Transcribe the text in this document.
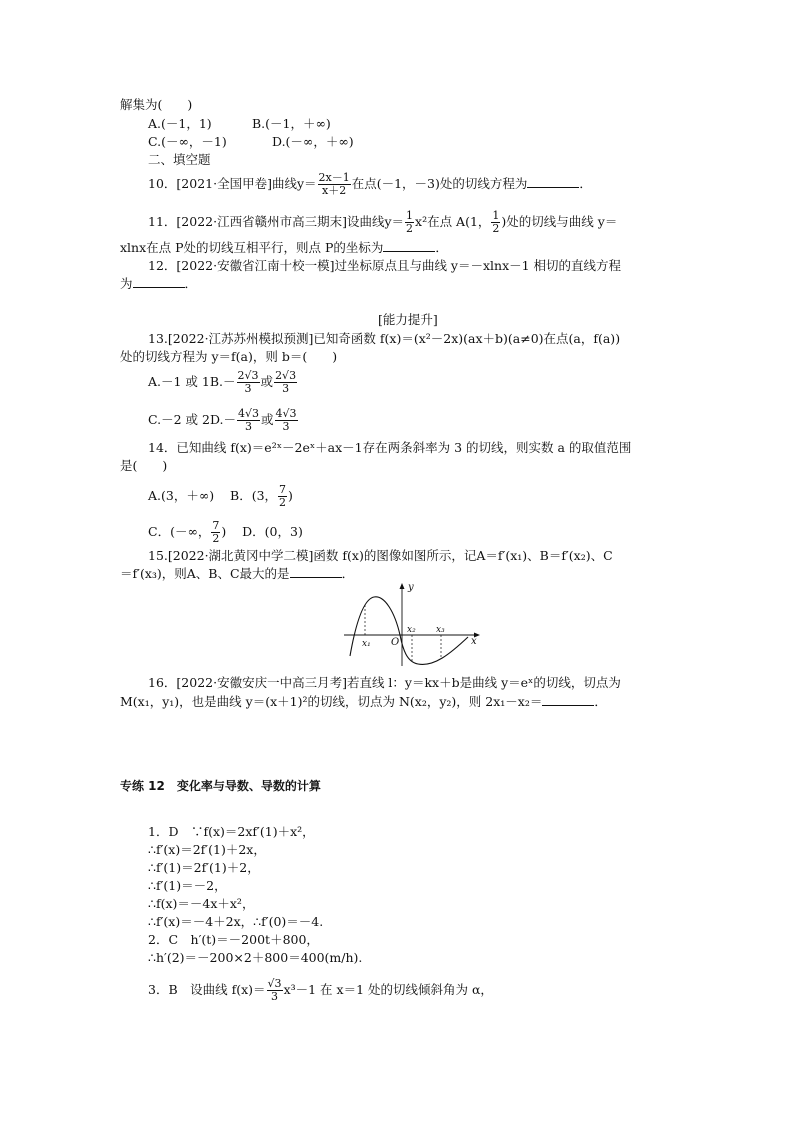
解集为(　　)
A.(－1，1)	B.(－1，＋∞)
C.(－∞，－1)	D.(－∞，＋∞)
二、填空题
10．[2021·全国甲卷]曲线$y= \frac{2x-1}{x+2}$ 在点(－1，－3)处的切线方程为	．
11．[2022·江西省赣州市高三期末]设曲线$y= \frac{1}{2} x^2$在点 A(1， $\frac{1}{2}$ )处的切线与曲线 y＝
xlnx在点 P处的切线互相平行，则点 P的坐标为	．
12．[2022·安徽省江南十校一模]过坐标原点且与曲线 y＝－xlnx－1 相切的直线方程
为	．
[能力提升]
13.[2022·江苏苏州模拟预测]已知奇函数 f(x)＝(x²－2x)(ax＋b)(a≠0)在点(a，f(a))
处的切线方程为 y＝f(a)，则 b＝(　　)
A.－1 或 $1B.- \frac{2√3}{3}$ 或 $\frac{2√3}{3}$
C.－2 或 $2D.- \frac{4√3}{3}$ 或 $\frac{4√3}{3}$
14．已知曲线 f(x)＝e²ˣ－2eˣ＋ax－1存在两条斜率为 3 的切线，则实数 a 的取值范围
是(　　)
A.(3，＋∞) B．(3， $\frac{7}{2}$ )
C．(－∞， $\frac{7}{2}$ )    D．(0，3)
15.[2022·湖北黄冈中学二模]函数 f(x)的图像如图所示，记A＝f′(x₁)、B＝f′(x₂)、C
＝f′(x₃)，则A、B、C最大的是	．
y
x
O
x₁
x₂ x₃
16．[2022·安徽安庆一中高三月考]若直线 l：y＝kx＋b是曲线 y＝eˣ的切线，切点为
M(x₁，y₁)，也是曲线 y＝(x＋1)²的切线，切点为 N(x₂，y₂)，则 2x₁－x₂＝	．
专练 12　变化率与导数、导数的计算
1．D　∵f(x)＝2xf′(1)＋x²，
∴f′(x)＝2f′(1)＋2x，
∴f′(1)＝2f′(1)＋2，
∴f′(1)＝－2，
∴f(x)＝－4x＋x²，
∴f′(x)＝－4＋2x，∴f′(0)＝－4.
2．C　h′(t)＝－200t＋800，
∴h′(2)＝－200×2＋800＝400(m/h).
3．B　设曲线 $f(x)= \frac{√3}{3} x^3-1$ 在 x＝1 处的切线倾斜角为 α，
